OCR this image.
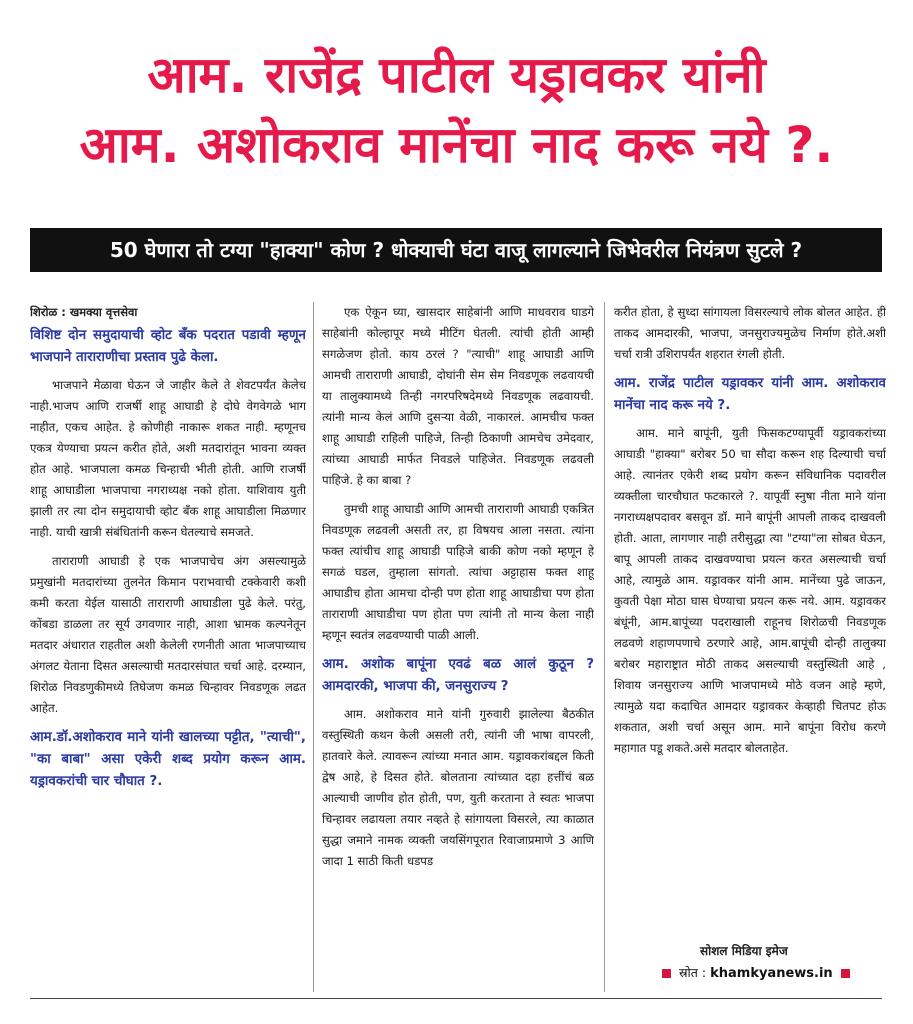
आम. राजेंद्र पाटील यड्रावकर यांनी
आम. अशोकराव मानेंचा नाद करू नये ?.
50 घेणारा तो टग्या "हाक्या" कोण ? धोक्याची घंटा वाजू लागल्याने जिभेवरील नियंत्रण सुटले ?
शिरोळ : खमक्या वृत्तसेवा
विशिष्ट दोन समुदायाची व्होट बँक पदरात पडावी म्हणून भाजपाने ताराराणीचा प्रस्ताव पुढे केला.

भाजपाने मेळावा घेऊन जे जाहीर केले ते शेवटपर्यंत केलेच नाही.भाजप आणि राजर्षी शाहू आघाडी हे दोघे वेगवेगळे भाग नाहीत, एकच आहेत. हे कोणीही नाकारू शकत नाही. म्हणूनच एकत्र येण्याचा प्रयत्न करीत होते, अशी मतदारांतून भावना व्यक्त होत आहे. भाजपाला कमळ चिन्हाची भीती होती. आणि राजर्षी शाहू आघाडीला भाजपाचा नगराध्यक्ष नको होता. याशिवाय युती झाली तर त्या दोन समुदायाची व्होट बँक शाहू आघाडीला मिळणार नाही. याची खात्री संबंधितांनी करून घेतल्याचे समजते.

ताराराणी आघाडी हे एक भाजपाचेच अंग असल्यामुळे प्रमुखांनी मतदारांच्या तुलनेत किमान पराभवाची टक्केवारी कशी कमी करता येईल यासाठी ताराराणी आघाडीला पुढे केले. परंतु, कोंबडा डाळला तर सूर्य उगवणार नाही, आशा भ्रामक कल्पनेतून मतदार अंधारात राहतील अशी केलेली रणनीती आता भाजपाच्याच अंगलट येताना दिसत असल्याची मतदारसंघात चर्चा आहे. दरम्यान, शिरोळ निवडणुकीमध्ये तिघेजण कमळ चिन्हावर निवडणूक लढत आहेत.

आम.डॉ.अशोकराव माने यांनी खालच्या पट्टीत, "त्याची", "का बाबा" असा एकेरी शब्द प्रयोग करून आम. यड्रावकरांची चार चौघात ?.

एक ऐकून घ्या, खासदार साहेबांनी आणि माधवराव घाडगे साहेबांनी कोल्हापूर मध्ये मीटिंग घेतली. त्यांची होती आम्ही सगळेजण होतो. काय ठरलं ? "त्याची" शाहू आघाडी आणि आमची ताराराणी आघाडी, दोघांनी सेम सेम निवडणूक लढवायची या तालुक्यामध्ये तिन्ही नगरपरिषदेमध्ये निवडणूक लढवायची. त्यांनी मान्य केलं आणि दुसऱ्या वेळी, नाकारलं. आमचीच फक्त शाहू आघाडी राहिली पाहिजे, तिन्ही ठिकाणी आमचेच उमेदवार, त्यांच्या आघाडी मार्फत निवडले पाहिजेत. निवडणूक लढवली पाहिजे. हे का बाबा ?

तुमची शाहू आघाडी आणि आमची ताराराणी आघाडी एकत्रित निवडणूक लढवली असती तर, हा विषयच आला नसता. त्यांना फक्त त्यांचीच शाहू आघाडी पाहिजे बाकी कोण नको म्हणून हे सगळं घडल, तुम्हाला सांगतो. त्यांचा अट्टाहास फक्त शाहू आघाडीच होता आमचा दोन्ही पण होता शाहू आघाडीचा पण होता ताराराणी आघाडीचा पण होता पण त्यांनी तो मान्य केला नाही म्हणून स्वतंत्र लढवण्याची पाळी आली.

आम. अशोक बापूंना एवढं बळ आलं कुठून ? आमदारकी, भाजपा की, जनसुराज्य ?

आम. अशोकराव माने यांनी गुरुवारी झालेल्या बैठकीत वस्तुस्थिती कथन केली असली तरी, त्यांनी जी भाषा वापरली, हातवारे केले. त्यावरून त्यांच्या मनात आम. यड्रावकरांबद्दल किती द्वेष आहे, हे दिसत होते. बोलताना त्यांच्यात दहा हत्तींचं बळ आल्याची जाणीव होत होती, पण, युती करताना ते स्वतः भाजपा चिन्हावर लढायला तयार नव्हते हे सांगायला विसरले, त्या काळात सुद्धा जमाने नामक व्यक्ती जयसिंगपूरात रिवाजाप्रमाणे 3 आणि जादा 1 साठी किती धडपड

करीत होता, हे सुध्दा सांगायला विसरल्याचे लोक बोलत आहेत. ही ताकद आमदारकी, भाजपा, जनसुराज्यमुळेच निर्माण होते.अशी चर्चा रात्री उशिरापर्यंत शहरात रंगली होती.

आम. राजेंद्र पाटील यड्रावकर यांनी आम. अशोकराव मानेंचा नाद करू नये ?.

आम. माने बापूंनी, युती फिसकटण्यापूर्वी यड्रावकरांच्या आघाडी "हाक्या" बरोबर 50 चा सौदा करून शह दिल्याची चर्चा आहे. त्यानंतर एकेरी शब्द प्रयोग करून संविधानिक पदावरील व्यक्तीला चारचौघात फटकारले ?. यापूर्वी स्नुषा नीता माने यांना नगराध्यक्षपदावर बसवून डॉ. माने बापूंनी आपली ताकद दाखवली होती. आता, लागणार नाही तरीसुद्धा त्या "टग्या"ला सोबत घेऊन, बापू आपली ताकद दाखवण्याचा प्रयत्न करत असल्याची चर्चा आहे, त्यामुळे आम. यड्रावकर यांनी आम. मानेंच्या पुढे जाऊन, कुवती पेक्षा मोठा घास घेण्याचा प्रयत्न करू नये. आम. यड्रावकर बंधूंनी, आम.बापूंच्या पदराखाली राहूनच शिरोळची निवडणूक लढवणे शहाणपणाचे ठरणारे आहे, आम.बापूंची दोन्ही तालुक्या बरोबर महाराष्ट्रात मोठी ताकद असल्याची वस्तुस्थिती आहे , शिवाय जनसुराज्य आणि भाजपामध्ये मोठे वजन आहे म्हणे, त्यामुळे यदा कदाचित आमदार यड्रावकर केव्हाही चितपट होऊ शकतात, अशी चर्चा असून आम. माने बापूंना विरोध करणे महागात पडू शकते.असे मतदार बोलताहेत.

सोशल मिडिया इमेज
स्रोत : khamkyanews.in
